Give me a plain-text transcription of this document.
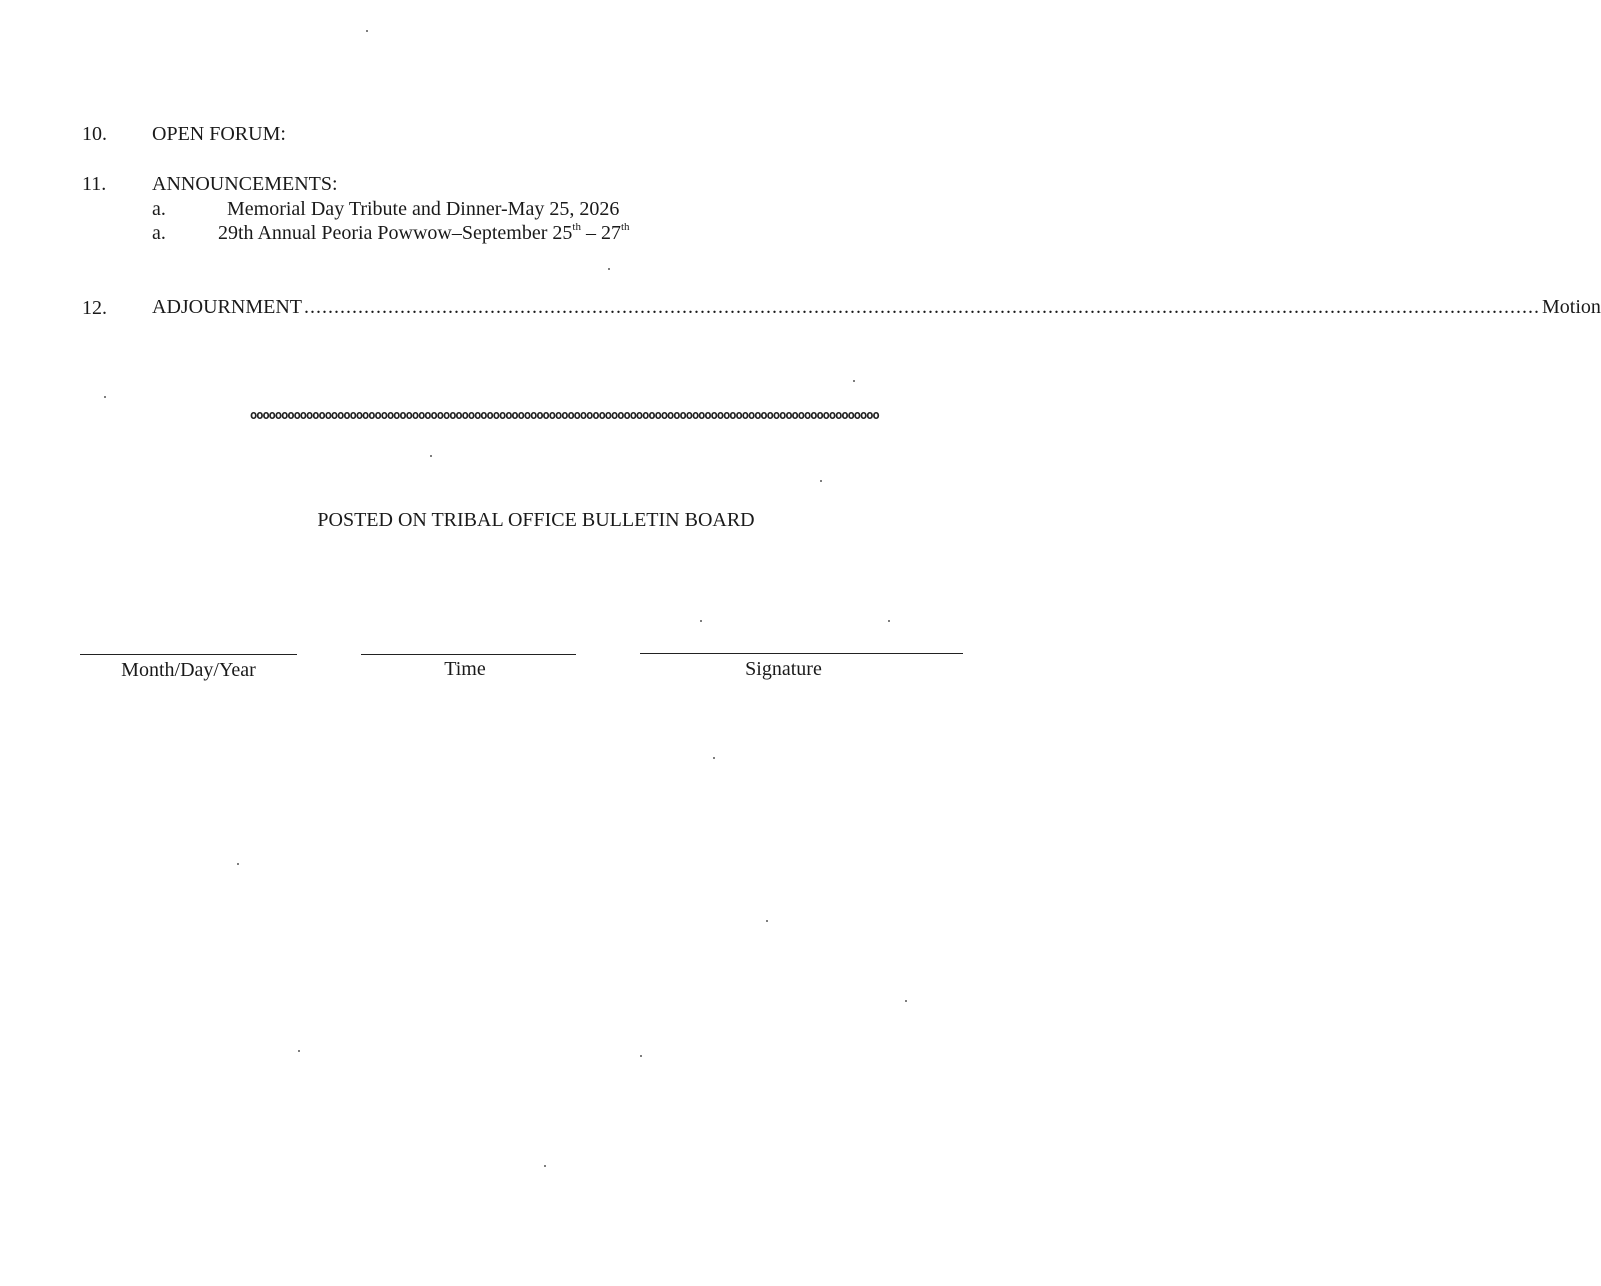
10. OPEN FORUM:
11. ANNOUNCEMENTS:
a.	Memorial Day Tribute and Dinner-May 25, 2026
a.	29th Annual Peoria Powwow–September 25th – 27th
12. ADJOURNMENT .............................................................................................................................................................................................................. Motion
ooooooooooooooooooooooooooooooooooooooooooooooooooooooooooooooooooooooooooooooooooooooooooooooooooooo
POSTED ON TRIBAL OFFICE BULLETIN BOARD
Month/Day/Year	Time	Signature
